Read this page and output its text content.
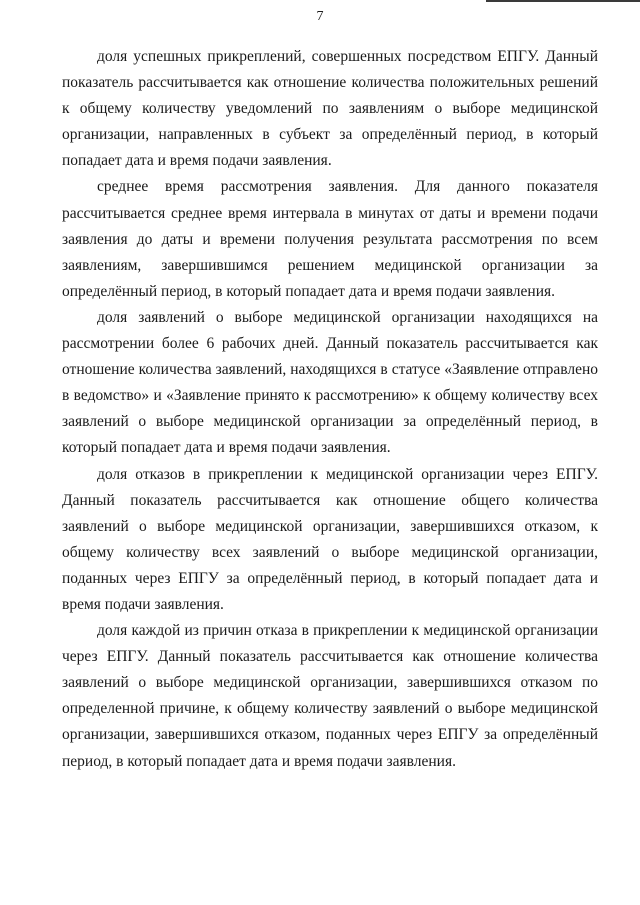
7

доля успешных прикреплений, совершенных посредством ЕПГУ. Данный показатель рассчитывается как отношение количества положительных решений к общему количеству уведомлений по заявлениям о выборе медицинской организации, направленных в субъект за определённый период, в который попадает дата и время подачи заявления.

среднее время рассмотрения заявления. Для данного показателя рассчитывается среднее время интервала в минутах от даты и времени подачи заявления до даты и времени получения результата рассмотрения по всем заявлениям, завершившимся решением медицинской организации за определённый период, в который попадает дата и время подачи заявления.

доля заявлений о выборе медицинской организации находящихся на рассмотрении более 6 рабочих дней. Данный показатель рассчитывается как отношение количества заявлений, находящихся в статусе «Заявление отправлено в ведомство» и «Заявление принято к рассмотрению» к общему количеству всех заявлений о выборе медицинской организации за определённый период, в который попадает дата и время подачи заявления.

доля отказов в прикреплении к медицинской организации через ЕПГУ. Данный показатель рассчитывается как отношение общего количества заявлений о выборе медицинской организации, завершившихся отказом, к общему количеству всех заявлений о выборе медицинской организации, поданных через ЕПГУ за определённый период, в который попадает дата и время подачи заявления.

доля каждой из причин отказа в прикреплении к медицинской организации через ЕПГУ. Данный показатель рассчитывается как отношение количества заявлений о выборе медицинской организации, завершившихся отказом по определенной причине, к общему количеству заявлений о выборе медицинской организации, завершившихся отказом, поданных через ЕПГУ за определённый период, в который попадает дата и время подачи заявления.
